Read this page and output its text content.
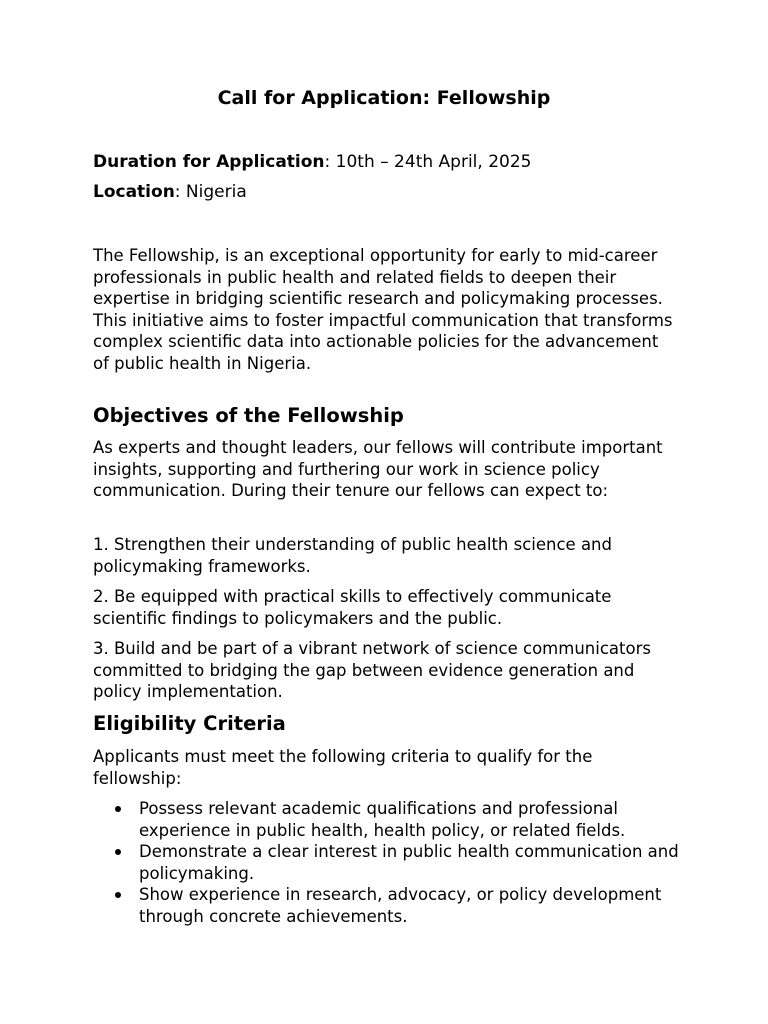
Call for Application: Fellowship

Duration for Application: 10th – 24th April, 2025

Location: Nigeria

The Fellowship, is an exceptional opportunity for early to mid-career professionals in public health and related fields to deepen their expertise in bridging scientific research and policymaking processes. This initiative aims to foster impactful communication that transforms complex scientific data into actionable policies for the advancement of public health in Nigeria.

Objectives of the Fellowship

As experts and thought leaders, our fellows will contribute important insights, supporting and furthering our work in science policy communication. During their tenure our fellows can expect to:

1. Strengthen their understanding of public health science and policymaking frameworks.

2. Be equipped with practical skills to effectively communicate scientific findings to policymakers and the public.

3. Build and be part of a vibrant network of science communicators committed to bridging the gap between evidence generation and policy implementation.

Eligibility Criteria

Applicants must meet the following criteria to qualify for the fellowship:

Possess relevant academic qualifications and professional experience in public health, health policy, or related fields.
Demonstrate a clear interest in public health communication and policymaking.
Show experience in research, advocacy, or policy development through concrete achievements.
